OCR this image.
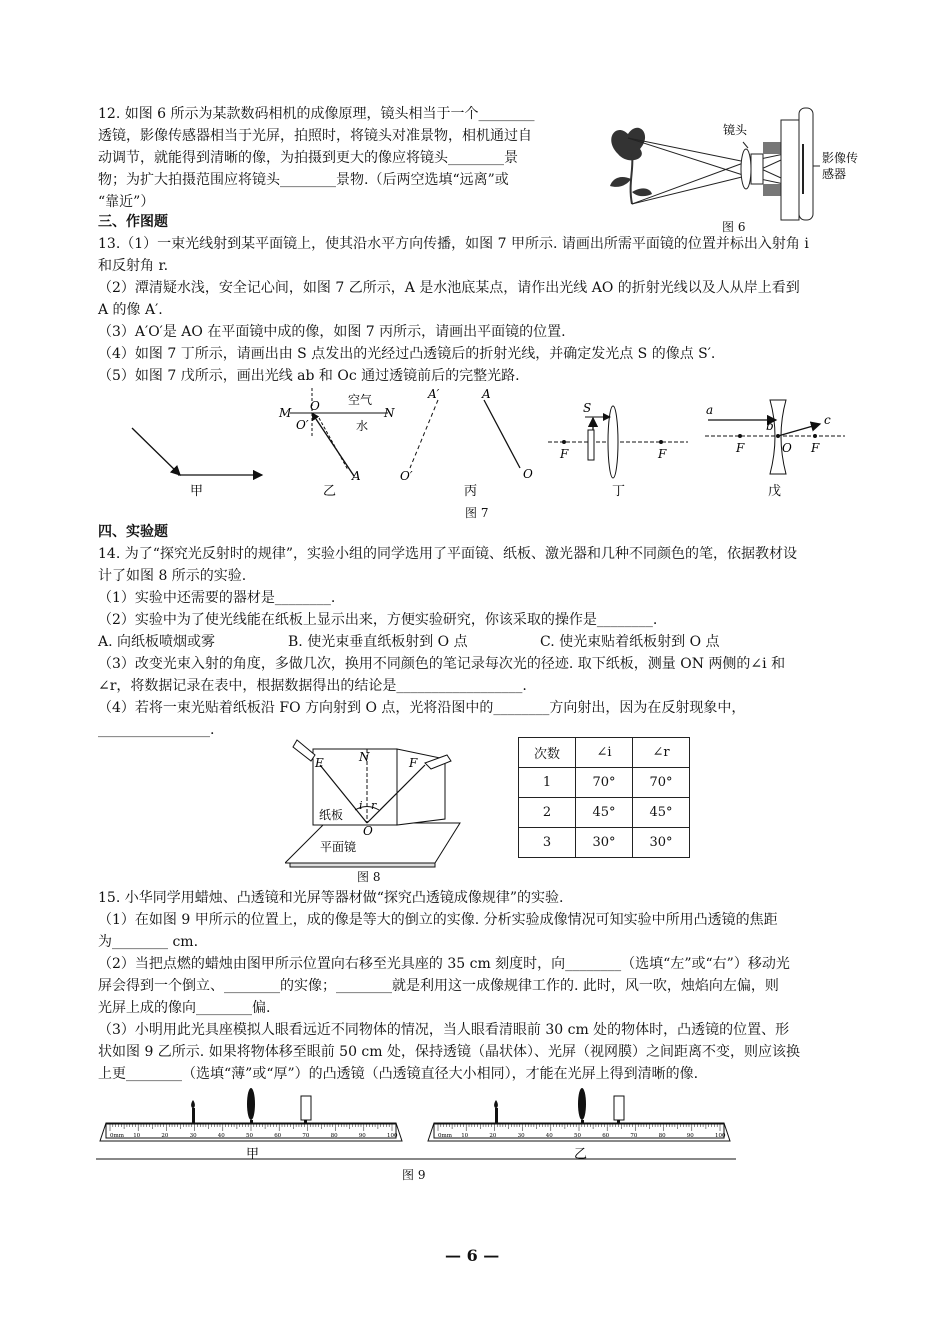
12. 如图 6 所示为某款数码相机的成像原理，镜头相当于一个________
透镜，影像传感器相当于光屏，拍照时，将镜头对准景物，相机通过自
动调节，就能得到清晰的像，为拍摄到更大的像应将镜头________景
物；为扩大拍摄范围应将镜头________景物.（后两空选填“远离”或
“靠近”）
镜头
影像传
感器
图 6
三、作图题
13.（1）一束光线射到某平面镜上，使其沿水平方向传播，如图 7 甲所示. 请画出所需平面镜的位置并标出入射角 i
和反射角 r.
（2）潭清疑水浅，安全记心间，如图 7 乙所示，A 是水池底某点，请作出光线 AO 的折射光线以及人从岸上看到
A 的像 A′.
（3）A′O′是 AO 在平面镜中成的像，如图 7 丙所示，请画出平面镜的位置.
（4）如图 7 丁所示，请画出由 S 点发出的光经过凸透镜后的折射光线，并确定发光点 S 的像点 S′.
（5）如图 7 戊所示，画出光线 ab 和 Oc 通过透镜前后的完整光路.
甲
M O
O′
N
空气
水
A
乙
A′	A
O′	O
丙
S
F	F
丁
a
b	c
F	O F
戊
图 7
四、实验题
14. 为了“探究光反射时的规律”，实验小组的同学选用了平面镜、纸板、激光器和几种不同颜色的笔，依据教材设
计了如图 8 所示的实验.
（1）实验中还需要的器材是________.
（2）实验中为了使光线能在纸板上显示出来，方便实验研究，你该采取的操作是________.
A. 向纸板喷烟或雾	B. 使光束垂直纸板射到 O 点	C. 使光束贴着纸板射到 O 点
（3）改变光束入射的角度，多做几次，换用不同颜色的笔记录每次光的径迹. 取下纸板，测量 ON 两侧的∠i 和
∠r，将数据记录在表中，根据数据得出的结论是__________________.
（4）若将一束光贴着纸板沿 FO 方向射到 O 点，光将沿图中的________方向射出，因为在反射现象中，
________________.
E	N	F
i r
O
纸板
平面镜
图 8
次数	∠i	∠r
1	70°	70°
2	45°	45°
3	30°	30°
15. 小华同学用蜡烛、凸透镜和光屏等器材做“探究凸透镜成像规律”的实验.
（1）在如图 9 甲所示的位置上，成的像是等大的倒立的实像. 分析实验成像情况可知实验中所用凸透镜的焦距
为________ cm.
（2）当把点燃的蜡烛由图甲所示位置向右移至光具座的 35 cm 刻度时，向________（选填“左”或“右”）移动光
屏会得到一个倒立、________的实像；________就是利用这一成像规律工作的. 此时，风一吹，烛焰向左偏，则
光屏上成的像向________偏.
（3）小明用此光具座模拟人眼看远近不同物体的情况，当人眼看清眼前 30 cm 处的物体时，凸透镜的位置、形
状如图 9 乙所示. 如果将物体移至眼前 50 cm 处，保持透镜（晶状体）、光屏（视网膜）之间距离不变，则应该换
上更________（选填“薄”或“厚”）的凸透镜（凸透镜直径大小相同），才能在光屏上得到清晰的像.
0mm 10	20	30	40	50	60	70	80	90	100	0mm 10	20	30	40	50	60	70	80	90	100
甲	乙
图 9
— 6 —
